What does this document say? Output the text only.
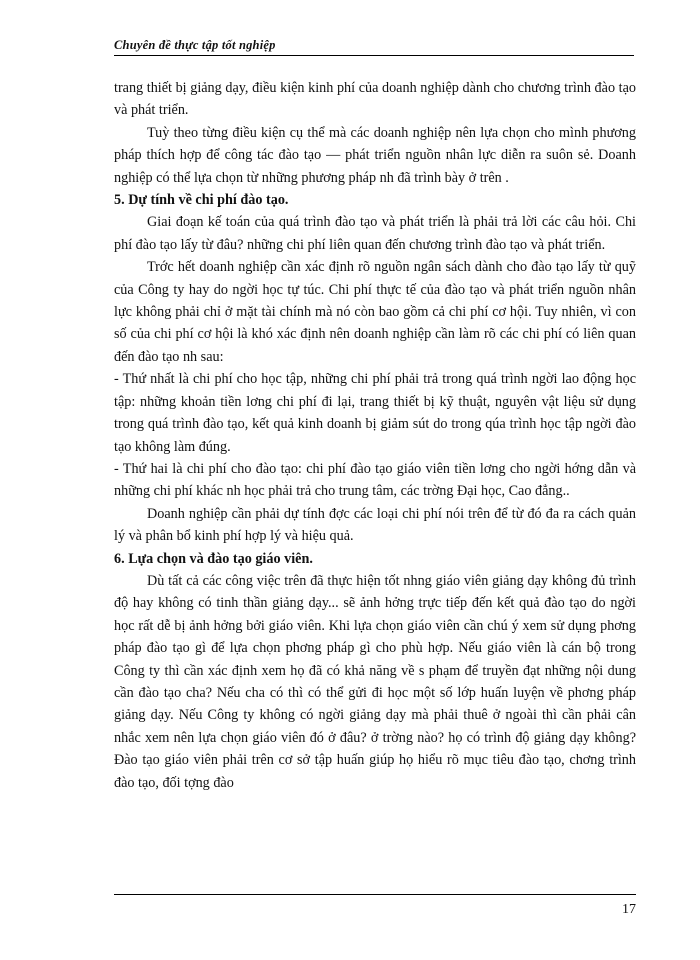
Chuyên đề thực tập tốt nghiệp

trang thiết bị giảng dạy, điều kiện kinh phí của doanh nghiệp dành cho chương trình đào tạo và phát triển.

Tuỳ theo từng điều kiện cụ thể mà các doanh nghiệp nên lựa chọn cho mình phương pháp thích hợp để công tác đào tạo — phát triển nguồn nhân lực diễn ra suôn sẻ. Doanh nghiệp có thể lựa chọn từ những phương pháp nh đã trình bày ở trên .

5. Dự tính về chi phí đào tạo.

Giai đoạn kế toán của quá trình đào tạo và phát triển là phải trả lời các câu hỏi. Chi phí đào tạo lấy từ đâu? những chi phí liên quan đến chương trình đào tạo và phát triển.

Trớc hết doanh nghiệp cần xác định rõ nguồn ngân sách dành cho đào tạo lấy từ quỹ của Công ty hay do ngời học tự túc. Chi phí thực tế của đào tạo và phát triển nguồn nhân lực không phải chỉ ở mặt tài chính mà nó còn bao gồm cả chi phí cơ hội. Tuy nhiên, vì con số của chi phí cơ hội là khó xác định nên doanh nghiệp cần làm rõ các chi phí có liên quan đến đào tạo nh sau:

- Thứ nhất là chi phí cho học tập, những chi phí phải trả trong quá trình ngời lao động học tập: những khoản tiền lơng chi phí đi lại, trang thiết bị kỹ thuật, nguyên vật liệu sử dụng trong quá trình đào tạo, kết quả kinh doanh bị giảm sút do trong qúa trình học tập ngời đào tạo không làm đúng.

- Thứ hai là chi phí cho đào tạo: chi phí đào tạo giáo viên tiền lơng cho ngời hớng dẫn và những chi phí khác nh học phải trả cho trung tâm, các trờng Đại học, Cao đẳng..

Doanh nghiệp cần phải dự tính đợc các loại chi phí nói trên để từ đó đa ra cách quản lý và phân bổ kinh phí hợp lý và hiệu quả.

6. Lựa chọn và đào tạo giáo viên.

Dù tất cả các công việc trên đã thực hiện tốt nhng giáo viên giảng dạy không đủ trình độ hay không có tinh thần giảng dạy... sẽ ảnh hởng trực tiếp đến kết quả đào tạo do ngời học rất dễ bị ảnh hởng bởi giáo viên. Khi lựa chọn giáo viên cần chú ý xem sử dụng phơng pháp đào tạo gì để lựa chọn phơng pháp gì cho phù hợp. Nếu giáo viên là cán bộ trong Công ty thì cần xác định xem họ đã có khả năng về s phạm để truyền đạt những nội dung cần đào tạo cha? Nếu cha có thì có thể gửi đi học một số lớp huấn luyện về phơng pháp giảng dạy. Nếu Công ty không có ngời giảng dạy mà phải thuê ở ngoài thì cần phải cân nhắc xem nên lựa chọn giáo viên đó ở đâu? ở trờng nào? họ có trình độ giảng dạy không? Đào tạo giáo viên phải trên cơ sở tập huấn giúp họ hiểu rõ mục tiêu đào tạo, chơng trình đào tạo, đối tợng đào

17
